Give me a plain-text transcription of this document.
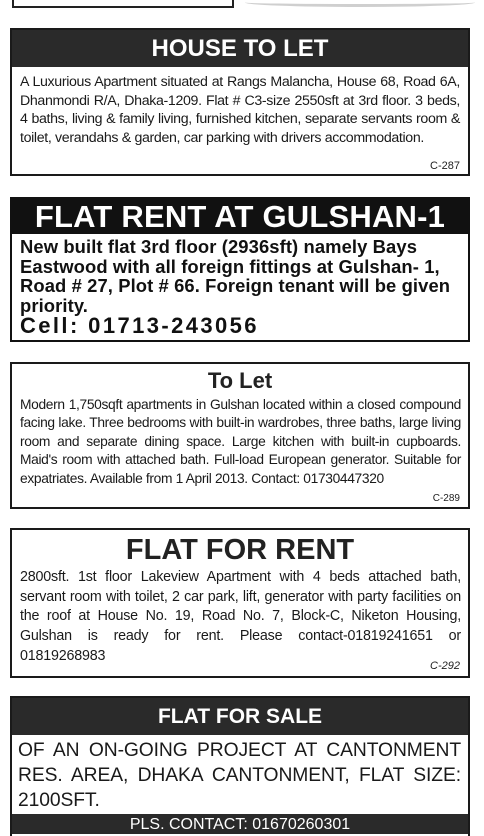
HOUSE TO LET
A Luxurious Apartment situated at Rangs Malancha, House 68, Road 6A, Dhanmondi R/A, Dhaka-1209. Flat # C3-size 2550sft at 3rd floor. 3 beds, 4 baths, living & family living, furnished kitchen, separate servants room & toilet, verandahs & garden, car parking with drivers accommodation.
C-287
FLAT RENT AT GULSHAN-1
New built flat 3rd floor (2936sft) namely Bays Eastwood with all foreign fittings at Gulshan- 1, Road # 27, Plot # 66. Foreign tenant will be given priority.
Cell: 01713-243056
To Let
Modern 1,750sqft apartments in Gulshan located within a closed compound facing lake. Three bedrooms with built-in wardrobes, three baths, large living room and separate dining space. Large kitchen with built-in cupboards. Maid's room with attached bath. Full-load European generator. Suitable for expatriates. Available from 1 April 2013. Contact: 01730447320
C-289
FLAT FOR RENT
2800sft. 1st floor Lakeview Apartment with 4 beds attached bath, servant room with toilet, 2 car park, lift, generator with party facilities on the roof at House No. 19, Road No. 7, Block-C, Niketon Housing, Gulshan is ready for rent. Please contact-01819241651 or 01819268983
C-292
FLAT FOR SALE
OF AN ON-GOING PROJECT AT CANTONMENT RES. AREA, DHAKA CANTONMENT, FLAT SIZE: 2100SFT.
PLS. CONTACT: 01670260301
